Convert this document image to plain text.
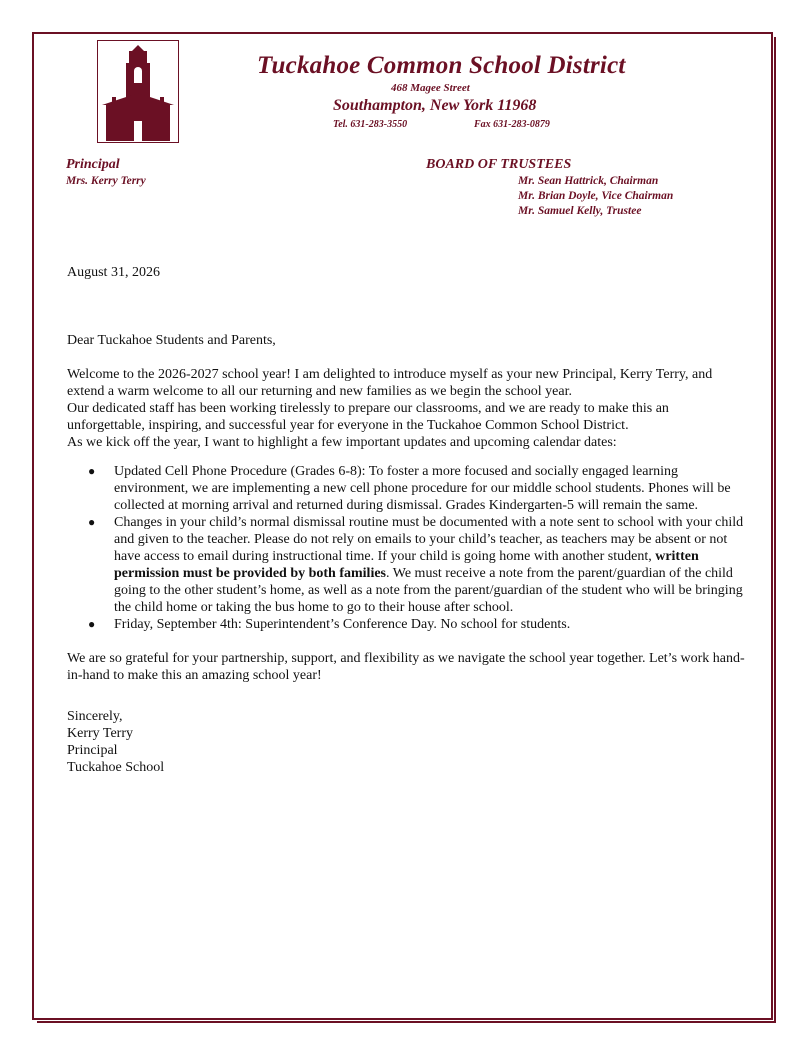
Tuckahoe Common School District
468 Magee Street
Southampton, New York 11968
Tel. 631-283-3550	Fax 631-283-0879
Principal
Mrs. Kerry Terry
BOARD OF TRUSTEES
Mr. Sean Hattrick, Chairman
Mr. Brian Doyle, Vice Chairman
Mr. Samuel Kelly, Trustee
August 31, 2026
Dear Tuckahoe Students and Parents,

Welcome to the 2026-2027 school year! I am delighted to introduce myself as your new Principal, Kerry Terry, and extend a warm welcome to all our returning and new families as we begin the school year.

Our dedicated staff has been working tirelessly to prepare our classrooms, and we are ready to make this an unforgettable, inspiring, and successful year for everyone in the Tuckahoe Common School District.

As we kick off the year, I want to highlight a few important updates and upcoming calendar dates:

● Updated Cell Phone Procedure (Grades 6-8): To foster a more focused and socially engaged learning environment, we are implementing a new cell phone procedure for our middle school students. Phones will be collected at morning arrival and returned during dismissal. Grades Kindergarten-5 will remain the same.
● Changes in your child’s normal dismissal routine must be documented with a note sent to school with your child and given to the teacher. Please do not rely on emails to your child’s teacher, as teachers may be absent or not have access to email during instructional time. If your child is going home with another student, written permission must be provided by both families. We must receive a note from the parent/guardian of the child going to the other student’s home, as well as a note from the parent/guardian of the student who will be bringing the child home or taking the bus home to go to their house after school.
● Friday, September 4th: Superintendent’s Conference Day. No school for students.

We are so grateful for your partnership, support, and flexibility as we navigate the school year together. Let’s work hand-in-hand to make this an amazing school year!

Sincerely,
Kerry Terry
Principal
Tuckahoe School
